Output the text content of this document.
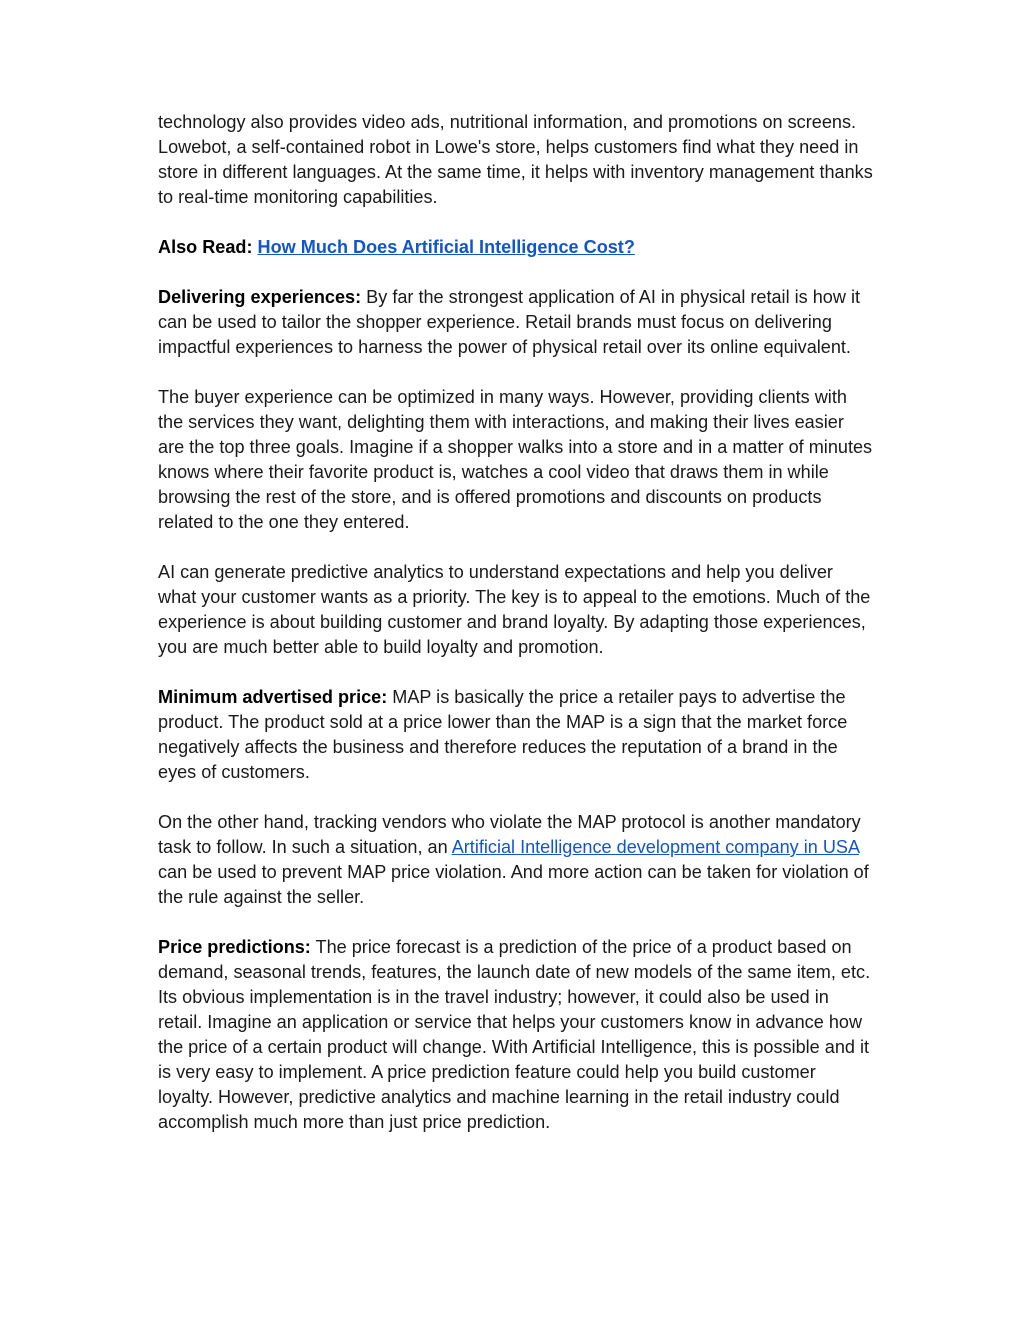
technology also provides video ads, nutritional information, and promotions on screens. Lowebot, a self-contained robot in Lowe's store, helps customers find what they need in store in different languages. At the same time, it helps with inventory management thanks to real-time monitoring capabilities.

Also Read: How Much Does Artificial Intelligence Cost?

Delivering experiences: By far the strongest application of AI in physical retail is how it can be used to tailor the shopper experience. Retail brands must focus on delivering impactful experiences to harness the power of physical retail over its online equivalent.

The buyer experience can be optimized in many ways. However, providing clients with the services they want, delighting them with interactions, and making their lives easier are the top three goals. Imagine if a shopper walks into a store and in a matter of minutes knows where their favorite product is, watches a cool video that draws them in while browsing the rest of the store, and is offered promotions and discounts on products related to the one they entered.

AI can generate predictive analytics to understand expectations and help you deliver what your customer wants as a priority. The key is to appeal to the emotions. Much of the experience is about building customer and brand loyalty. By adapting those experiences, you are much better able to build loyalty and promotion.

Minimum advertised price: MAP is basically the price a retailer pays to advertise the product. The product sold at a price lower than the MAP is a sign that the market force negatively affects the business and therefore reduces the reputation of a brand in the eyes of customers.

On the other hand, tracking vendors who violate the MAP protocol is another mandatory task to follow. In such a situation, an Artificial Intelligence development company in USA can be used to prevent MAP price violation. And more action can be taken for violation of the rule against the seller.

Price predictions: The price forecast is a prediction of the price of a product based on demand, seasonal trends, features, the launch date of new models of the same item, etc. Its obvious implementation is in the travel industry; however, it could also be used in retail. Imagine an application or service that helps your customers know in advance how the price of a certain product will change. With Artificial Intelligence, this is possible and it is very easy to implement. A price prediction feature could help you build customer loyalty. However, predictive analytics and machine learning in the retail industry could accomplish much more than just price prediction.
